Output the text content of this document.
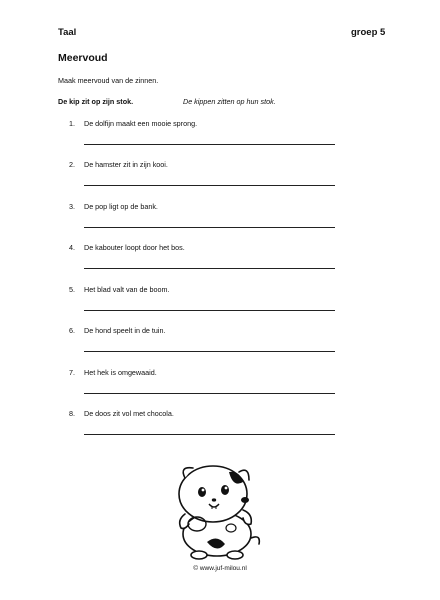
Taal	groep 5
Meervoud
Maak meervoud van de zinnen.
De kip zit op zijn stok.	De kippen zitten op hun stok.
1. De dolfijn maakt een mooie sprong.
2. De hamster zit in zijn kooi.
3. De pop ligt op de bank.
4. De kabouter loopt door het bos.
5. Het blad valt van de boom.
6. De hond speelt in de tuin.
7. Het hek is omgewaaid.
8. De doos zit vol met chocola.
© www.juf-milou.nl
